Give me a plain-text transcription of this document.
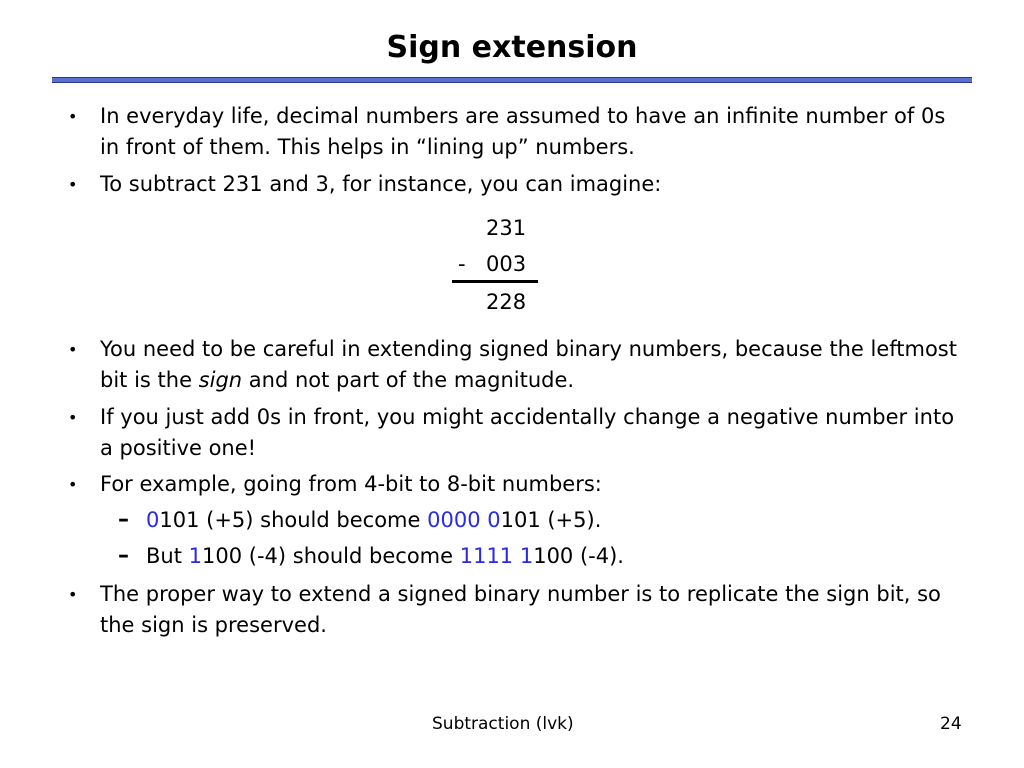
Sign extension
• In everyday life, decimal numbers are assumed to have an infinite number of 0s in front of them. This helps in “lining up” numbers.
• To subtract 231 and 3, for instance, you can imagine:
231
- 003
228
• You need to be careful in extending signed binary numbers, because the leftmost bit is the sign and not part of the magnitude.
• If you just add 0s in front, you might accidentally change a negative number into a positive one!
• For example, going from 4-bit to 8-bit numbers:
– 0101 (+5) should become 0000 0101 (+5).
– But 1100 (-4) should become 1111 1100 (-4).
• The proper way to extend a signed binary number is to replicate the sign bit, so the sign is preserved.
Subtraction (lvk)	24
